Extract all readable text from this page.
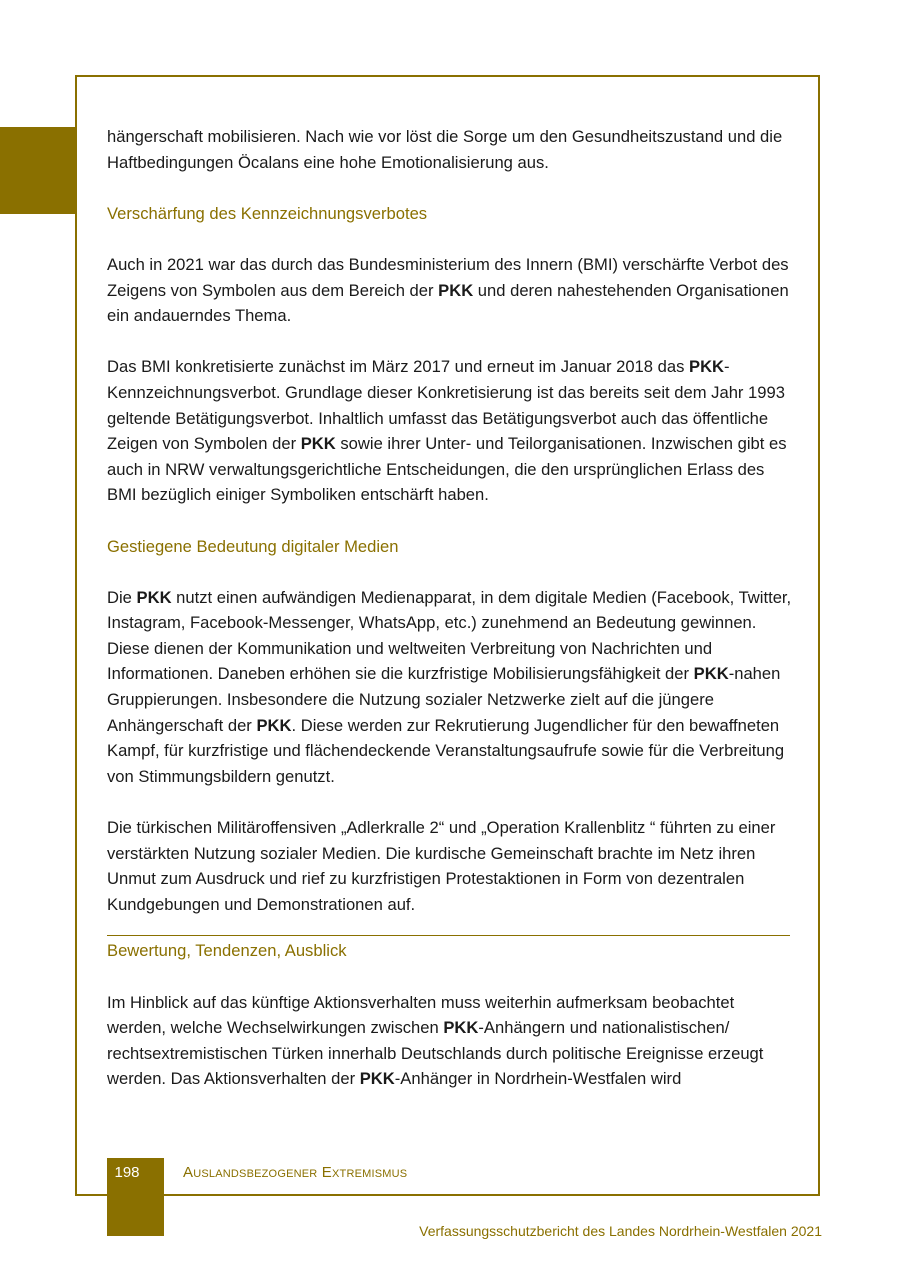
hängerschaft mobilisieren. Nach wie vor löst die Sorge um den Gesundheitszustand und die Haftbedingungen Öcalans eine hohe Emotionalisierung aus.

Verschärfung des Kennzeichnungsverbotes

Auch in 2021 war das durch das Bundesministerium des Innern (BMI) verschärfte Verbot des Zeigens von Symbolen aus dem Bereich der PKK und deren nahestehenden Organisationen ein andauerndes Thema.

Das BMI konkretisierte zunächst im März 2017 und erneut im Januar 2018 das PKK-Kennzeichnungsverbot. Grundlage dieser Konkretisierung ist das bereits seit dem Jahr 1993 geltende Betätigungsverbot. Inhaltlich umfasst das Betätigungsverbot auch das öffentliche Zeigen von Symbolen der PKK sowie ihrer Unter- und Teilorganisationen. Inzwischen gibt es auch in NRW verwaltungsgerichtliche Entscheidungen, die den ursprünglichen Erlass des BMI bezüglich einiger Symboliken entschärft haben.

Gestiegene Bedeutung digitaler Medien

Die PKK nutzt einen aufwändigen Medienapparat, in dem digitale Medien (Facebook, Twitter, Instagram, Facebook-Messenger, WhatsApp, etc.) zunehmend an Bedeutung gewinnen. Diese dienen der Kommunikation und weltweiten Verbreitung von Nachrichten und Informationen. Daneben erhöhen sie die kurzfristige Mobilisierungsfähigkeit der PKK-nahen Gruppierungen. Insbesondere die Nutzung sozialer Netzwerke zielt auf die jüngere Anhängerschaft der PKK. Diese werden zur Rekrutierung Jugendlicher für den bewaffneten Kampf, für kurzfristige und flächendeckende Veranstaltungsaufrufe sowie für die Verbreitung von Stimmungsbildern genutzt.

Die türkischen Militäroffensiven „Adlerkralle 2“ und „Operation Krallenblitz “ führten zu einer verstärkten Nutzung sozialer Medien. Die kurdische Gemeinschaft brachte im Netz ihren Unmut zum Ausdruck und rief zu kurzfristigen Protestaktionen in Form von dezentralen Kundgebungen und Demonstrationen auf.

Bewertung, Tendenzen, Ausblick

Im Hinblick auf das künftige Aktionsverhalten muss weiterhin aufmerksam beobachtet werden, welche Wechselwirkungen zwischen PKK-Anhängern und nationalistischen/ rechtsextremistischen Türken innerhalb Deutschlands durch politische Ereignisse erzeugt werden. Das Aktionsverhalten der PKK-Anhänger in Nordrhein-Westfalen wird

198	Auslandsbezogener Extremismus
Verfassungsschutzbericht des Landes Nordrhein-Westfalen 2021
